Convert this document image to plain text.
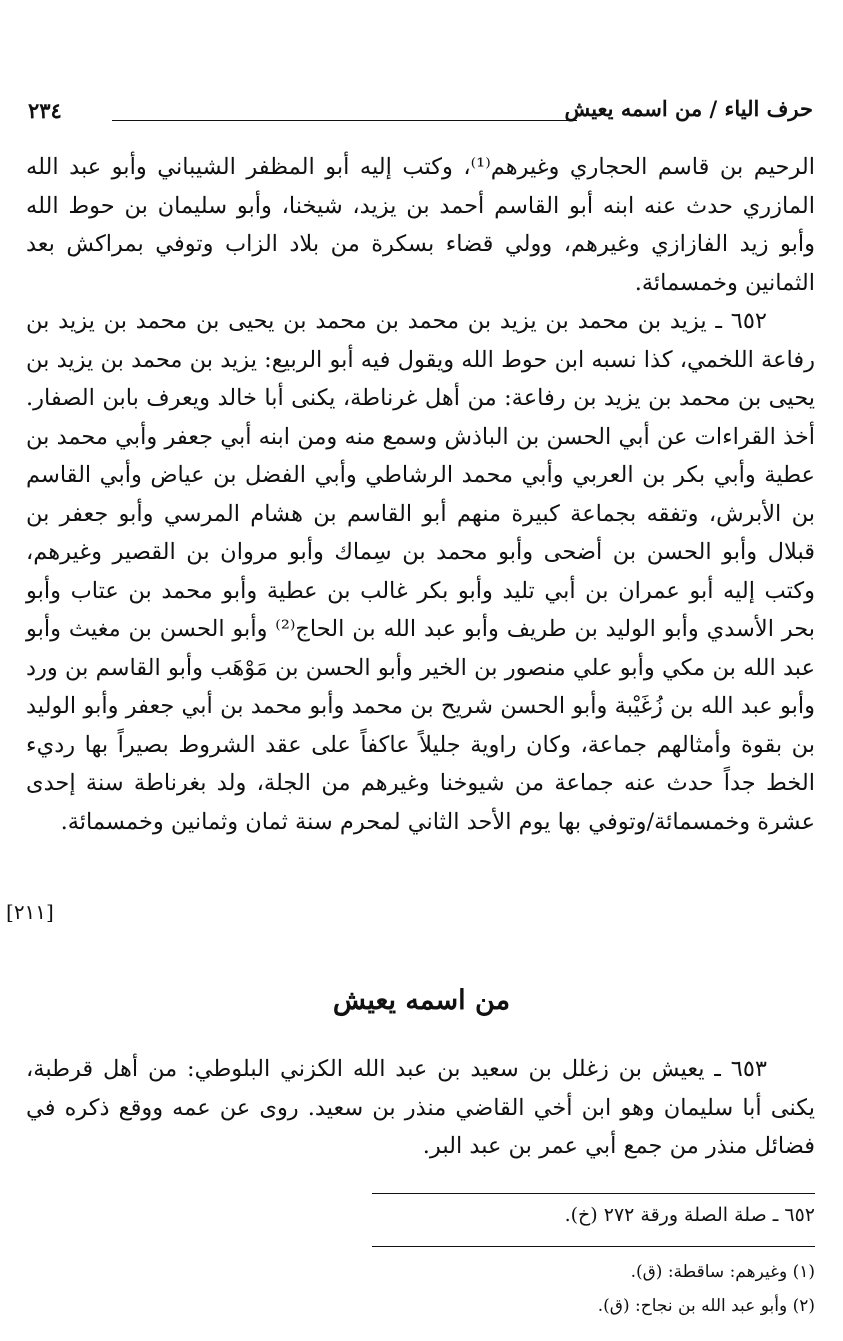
حرف الياء / من اسمه يعيش
٢٣٤

الرحيم بن قاسم الحجاري وغيرهم⁽¹⁾، وكتب إليه أبو المظفر الشيباني وأبو عبد الله المازري حدث عنه ابنه أبو القاسم أحمد بن يزيد، شيخنا، وأبو سليمان بن حوط الله وأبو زيد الفازازي وغيرهم، وولي قضاء بسكرة من بلاد الزاب وتوفي بمراكش بعد الثمانين وخمسمائة.

٦٥٢ ـ يزيد بن محمد بن يزيد بن محمد بن محمد بن يحيى بن محمد بن يزيد بن رفاعة اللخمي، كذا نسبه ابن حوط الله ويقول فيه أبو الربيع: يزيد بن محمد بن يزيد بن يحيى بن محمد بن يزيد بن رفاعة: من أهل غرناطة، يكنى أبا خالد ويعرف بابن الصفار. أخذ القراءات عن أبي الحسن بن الباذش وسمع منه ومن ابنه أبي جعفر وأبي محمد بن عطية وأبي بكر بن العربي وأبي محمد الرشاطي وأبي الفضل بن عياض وأبي القاسم بن الأبرش، وتفقه بجماعة كبيرة منهم أبو القاسم بن هشام المرسي وأبو جعفر بن قبلال وأبو الحسن بن أضحى وأبو محمد بن سِماك وأبو مروان بن القصير وغيرهم، وكتب إليه أبو عمران بن أبي تليد وأبو بكر غالب بن عطية وأبو محمد بن عتاب وأبو بحر الأسدي وأبو الوليد بن طريف وأبو عبد الله بن الحاج⁽²⁾ وأبو الحسن بن مغيث وأبو عبد الله بن مكي وأبو علي منصور بن الخير وأبو الحسن بن مَوْهَب وأبو القاسم بن ورد وأبو عبد الله بن زُغَيْبة وأبو الحسن شريح بن محمد وأبو محمد بن أبي جعفر وأبو الوليد بن بقوة وأمثالهم جماعة، وكان راوية جليلاً عاكفاً على عقد الشروط بصيراً بها رديء الخط جداً حدث عنه جماعة من شيوخنا وغيرهم من الجلة، ولد بغرناطة سنة إحدى عشرة وخمسمائة/وتوفي بها يوم الأحد الثاني لمحرم سنة ثمان وثمانين وخمسمائة.

[٢١١]
من اسمه يعيش

٦٥٣ ـ يعيش بن زغلل بن سعيد بن عبد الله الكزني البلوطي: من أهل قرطبة، يكنى أبا سليمان وهو ابن أخي القاضي منذر بن سعيد. روى عن عمه ووقع ذكره في فضائل منذر من جمع أبي عمر بن عبد البر.

٦٥٢ ـ صلة الصلة ورقة ٢٧٢ (خ).
(١) وغيرهم: ساقطة: (ق).
(٢) وأبو عبد الله بن نجاح: (ق).
